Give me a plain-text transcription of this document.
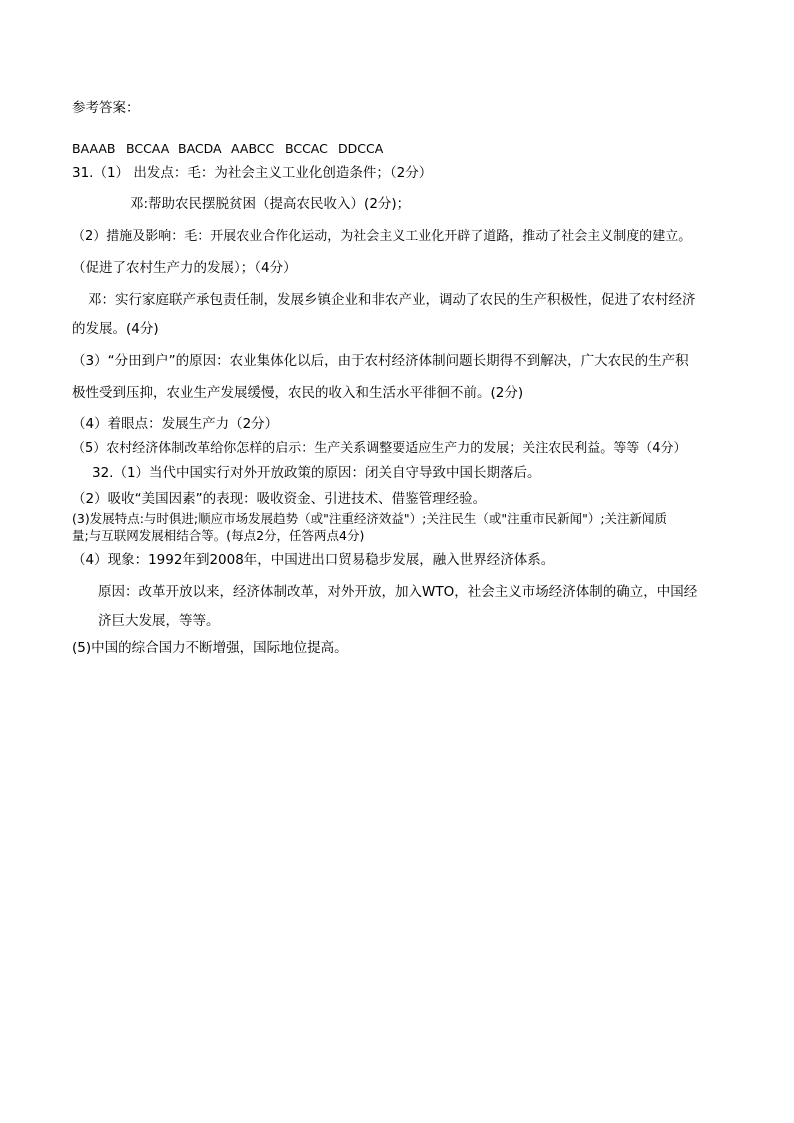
参考答案：
BAAAB BCCAA BACDA AABCC BCCAC DDCCA
31.（1） 出发点：毛：为社会主义工业化创造条件；（2分）
邓:帮助农民摆脱贫困（提高农民收入）(2分)；
（2）措施及影响：毛：开展农业合作化运动，为社会主义工业化开辟了道路，推动了社会主义制度的建立。
（促进了农村生产力的发展）；（4分）
邓：实行家庭联产承包责任制，发展乡镇企业和非农产业，调动了农民的生产积极性，促进了农村经济
的发展。(4分)
（3）“分田到户”的原因：农业集体化以后，由于农村经济体制问题长期得不到解决，广大农民的生产积
极性受到压抑，农业生产发展缓慢，农民的收入和生活水平徘徊不前。(2分)
（4）着眼点：发展生产力（2分）
（5）农村经济体制改革给你怎样的启示：生产关系调整要适应生产力的发展；关注农民利益。等等（4分）
32.（1）当代中国实行对外开放政策的原因：闭关自守导致中国长期落后。
（2）吸收“美国因素”的表现：吸收资金、引进技术、借鉴管理经验。
(3)发展特点:与时俱进;顺应市场发展趋势（或"注重经济效益"）;关注民生（或"注重市民新闻"）;关注新闻质
量;与互联网发展相结合等。(每点2分，任答两点4分)
（4）现象：1992年到2008年，中国进出口贸易稳步发展，融入世界经济体系。
原因：改革开放以来，经济体制改革，对外开放，加入WTO，社会主义市场经济体制的确立，中国经
济巨大发展，等等。
(5)中国的综合国力不断增强，国际地位提高。
